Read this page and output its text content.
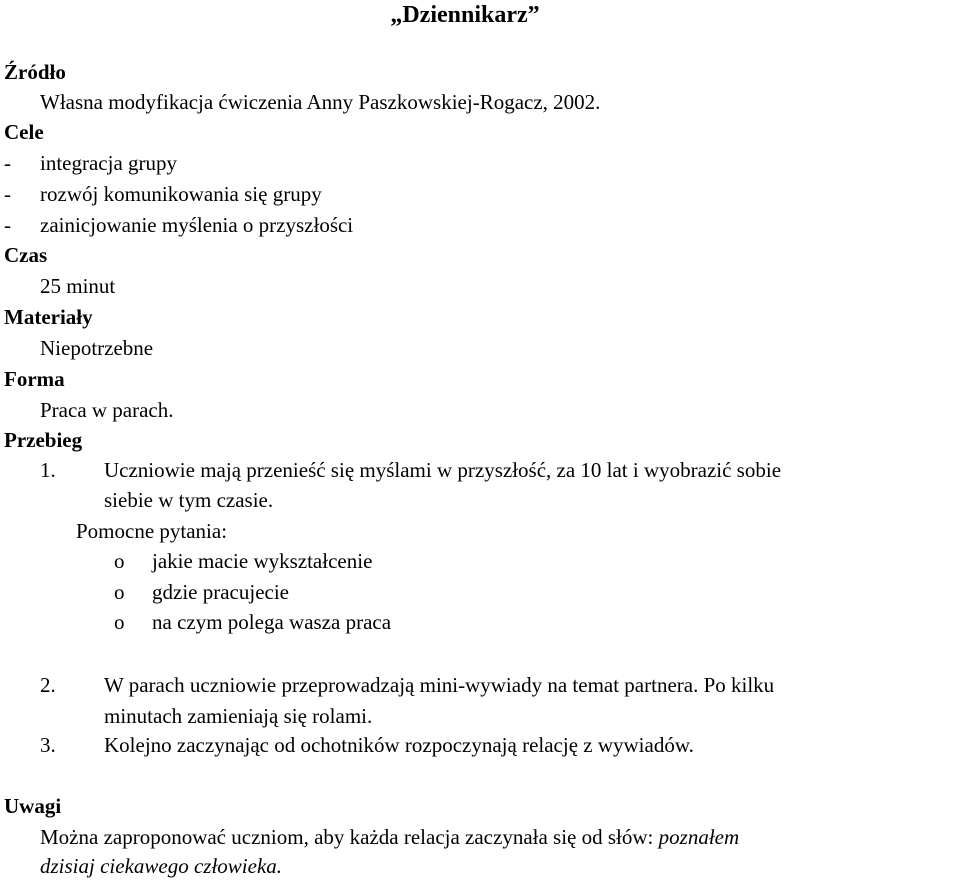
„Dziennikarz”
Źródło
Własna modyfikacja ćwiczenia Anny Paszkowskiej-Rogacz, 2002.
Cele
- integracja grupy
- rozwój komunikowania się grupy
- zainicjowanie myślenia o przyszłości
Czas
25 minut
Materiały
Niepotrzebne
Forma
Praca w parach.
Przebieg
1. Uczniowie mają przenieść się myślami w przyszłość, za 10 lat i wyobrazić sobie
siebie w tym czasie.
Pomocne pytania:
o jakie macie wykształcenie
o gdzie pracujecie
o na czym polega wasza praca
2. W parach uczniowie przeprowadzają mini-wywiady na temat partnera. Po kilku
minutach zamieniają się rolami.
3. Kolejno zaczynając od ochotników rozpoczynają relację z wywiadów.
Uwagi
Można zaproponować uczniom, aby każda relacja zaczynała się od słów: poznałem
dzisiaj ciekawego człowieka.
